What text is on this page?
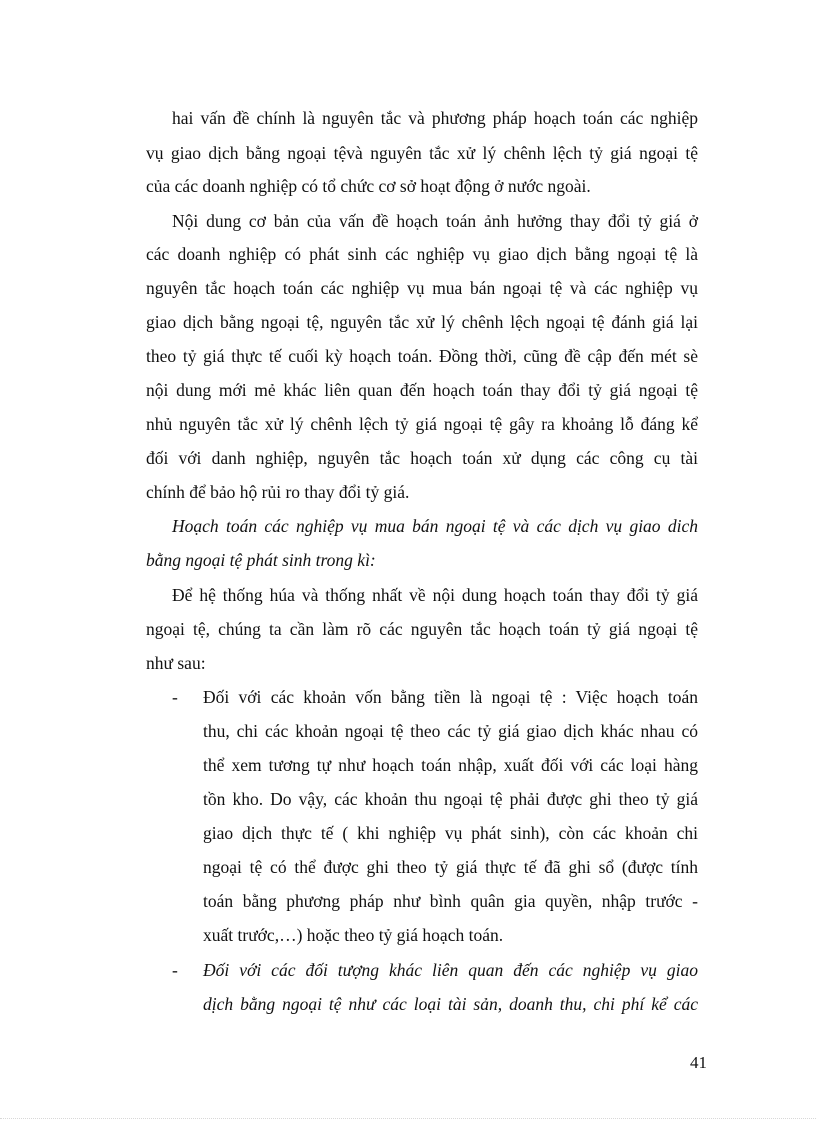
hai vấn đề chính là nguyên tắc và phương pháp hoạch toán các nghiệp
vụ giao dịch bằng ngoại tệvà nguyên tắc xử lý chênh lệch tỷ giá ngoại tệ
của các doanh nghiệp có tổ chức cơ sở hoạt động ở nước ngoài.
Nội dung cơ bản của vấn đề hoạch toán ảnh hưởng thay đổi tỷ giá ở
các doanh nghiệp có phát sinh các nghiệp vụ giao dịch bằng ngoại tệ là
nguyên tắc hoạch toán các nghiệp vụ mua bán ngoại tệ và các nghiệp vụ
giao dịch bằng ngoại tệ, nguyên tắc xử lý chênh lệch ngoại tệ đánh giá lại
theo tỷ giá thực tế cuối kỳ hoạch toán. Đồng thời, cũng đề cập đến mét sè
nội dung mới mẻ khác liên quan đến hoạch toán thay đổi tỷ giá ngoại tệ
nhủ nguyên tắc xử lý chênh lệch tỷ giá ngoại tệ gây ra khoảng lỗ đáng kể
đối với danh nghiệp, nguyên tắc hoạch toán xử dụng các công cụ tài
chính để bảo hộ rủi ro thay đổi tỷ giá.
Hoạch toán các nghiệp vụ mua bán ngoại tệ và các dịch vụ giao dich
bằng ngoại tệ phát sinh trong kì:
Để hệ thống húa và thống nhất về nội dung hoạch toán thay đổi tỷ giá
ngoại tệ, chúng ta cần làm rõ các nguyên tắc hoạch toán tỷ giá ngoại tệ
như sau:
- Đối với các khoản vốn bằng tiền là ngoại tệ : Việc hoạch toán
thu, chi các khoản ngoại tệ theo các tỷ giá giao dịch khác nhau có
thể xem tương tự như hoạch toán nhập, xuất đối với các loại hàng
tồn kho. Do vậy, các khoản thu ngoại tệ phải được ghi theo tỷ giá
giao dịch thực tế ( khi nghiệp vụ phát sinh), còn các khoản chi
ngoại tệ có thể được ghi theo tỷ giá thực tế đã ghi sổ (được tính
toán bằng phương pháp như bình quân gia quyền, nhập trước -
xuất trước,…) hoặc theo tỷ giá hoạch toán.
- Đối với các đối tượng khác liên quan đến các nghiệp vụ giao
dịch bằng ngoại tệ như các loại tài sản, doanh thu, chi phí kể các
41
